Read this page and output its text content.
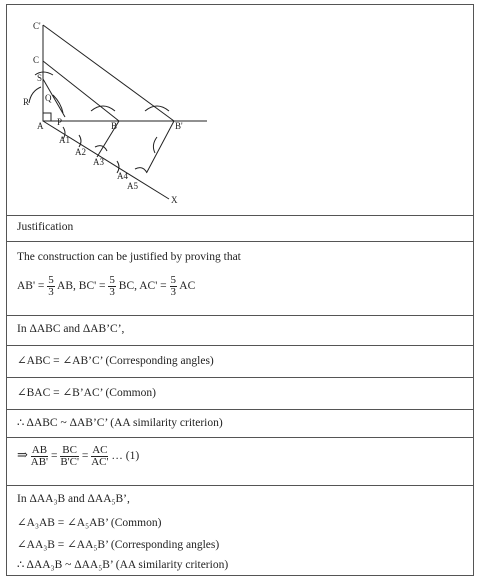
C'
C
S
R Q
A P	B	B'
A1
A2
A3
A4
A5
X
Justification
The construction can be justified by proving that
$AB' = \frac{5}{3}$ AB, $BC' = \frac{5}{3}$ BC, $AC' = \frac{5}{3}$ AC
In ΔABC and ΔAB’C’,
∠ABC = ∠AB’C’ (Corresponding angles)
∠BAC = ∠B’AC’ (Common)
∴ ΔABC ~ ΔAB’C’ (AA similarity criterion)
⇒ $\frac{AB}{AB'} = \frac{BC}{B'C'} = \frac{AC}{AC'}$ … (1)
In ΔAA₃B and ΔAA₅B’,
∠A₃AB = ∠A₅AB’ (Common)
∠AA₃B = ∠AA₅B’ (Corresponding angles)
∴ ΔAA₃B ~ ΔAA₅B’ (AA similarity criterion)
